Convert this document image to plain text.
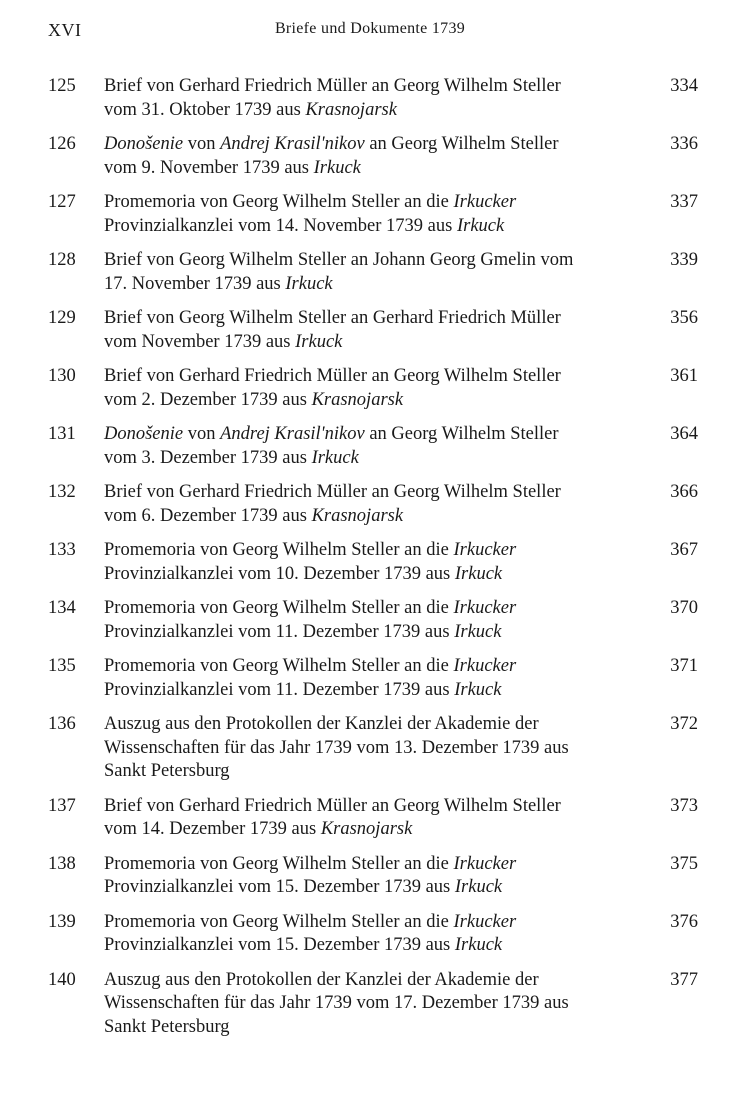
XVI	Briefe und Dokumente 1739
125 Brief von Gerhard Friedrich Müller an Georg Wilhelm Steller vom 31. Oktober 1739 aus Krasnojarsk
334
126 Donošenie von Andrej Krasil'nikov an Georg Wilhelm Steller vom 9. November 1739 aus Irkuck
336
127 Promemoria von Georg Wilhelm Steller an die Irkucker Provinzialkanzlei vom 14. November 1739 aus Irkuck
337
128 Brief von Georg Wilhelm Steller an Johann Georg Gmelin vom 17. November 1739 aus Irkuck
339
129 Brief von Georg Wilhelm Steller an Gerhard Friedrich Müller vom November 1739 aus Irkuck
356
130 Brief von Gerhard Friedrich Müller an Georg Wilhelm Steller vom 2. Dezember 1739 aus Krasnojarsk
361
131 Donošenie von Andrej Krasil'nikov an Georg Wilhelm Steller vom 3. Dezember 1739 aus Irkuck
364
132 Brief von Gerhard Friedrich Müller an Georg Wilhelm Steller vom 6. Dezember 1739 aus Krasnojarsk
366
133 Promemoria von Georg Wilhelm Steller an die Irkucker Provinzialkanzlei vom 10. Dezember 1739 aus Irkuck
367
134 Promemoria von Georg Wilhelm Steller an die Irkucker Provinzialkanzlei vom 11. Dezember 1739 aus Irkuck
370
135 Promemoria von Georg Wilhelm Steller an die Irkucker Provinzialkanzlei vom 11. Dezember 1739 aus Irkuck
371
136 Auszug aus den Protokollen der Kanzlei der Akademie der Wissenschaften für das Jahr 1739 vom 13. Dezember 1739 aus Sankt Petersburg
372
137 Brief von Gerhard Friedrich Müller an Georg Wilhelm Steller vom 14. Dezember 1739 aus Krasnojarsk
373
138 Promemoria von Georg Wilhelm Steller an die Irkucker Provinzialkanzlei vom 15. Dezember 1739 aus Irkuck
375
139 Promemoria von Georg Wilhelm Steller an die Irkucker Provinzialkanzlei vom 15. Dezember 1739 aus Irkuck
376
140 Auszug aus den Protokollen der Kanzlei der Akademie der Wissenschaften für das Jahr 1739 vom 17. Dezember 1739 aus Sankt Petersburg
377
